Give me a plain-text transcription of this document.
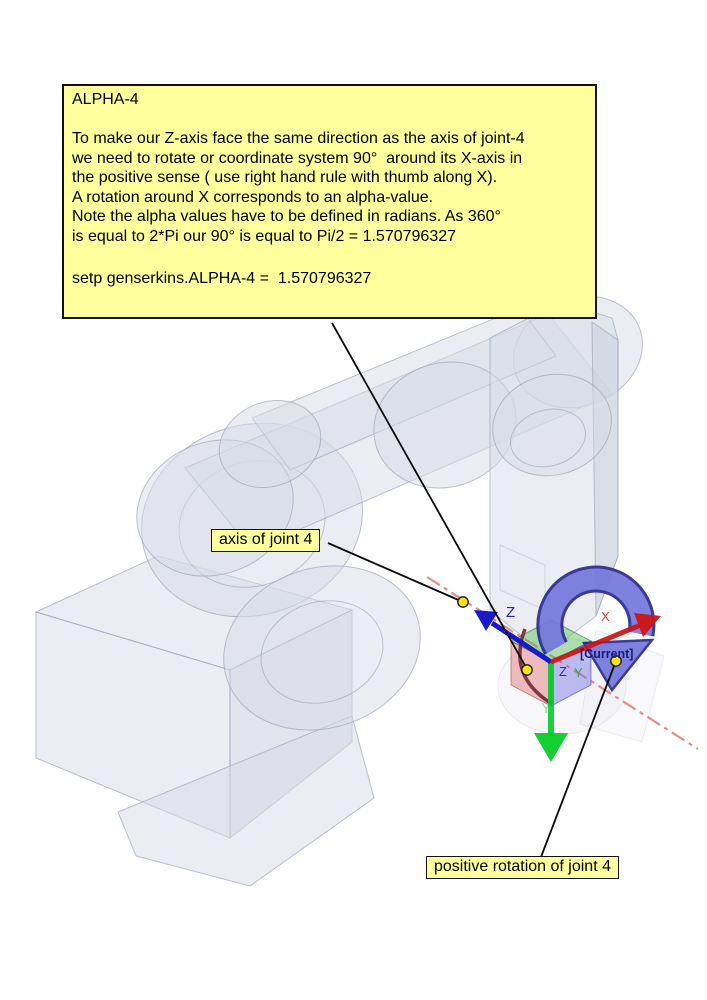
ALPHA-4
To make our Z-axis face the same direction as the axis of joint-4
we need to rotate or coordinate system 90°  around its X-axis in
the positive sense ( use right hand rule with thumb along X).
A rotation around X corresponds to an alpha-value.
Note the alpha values have to be defined in radians. As 360°
is equal to 2*Pi our 90° is equal to Pi/2 = 1.570796327
setp genserkins.ALPHA-4 =  1.570796327
axis of joint 4
positive rotation of joint 4
[Current]
Z	X
Y
Z Y
